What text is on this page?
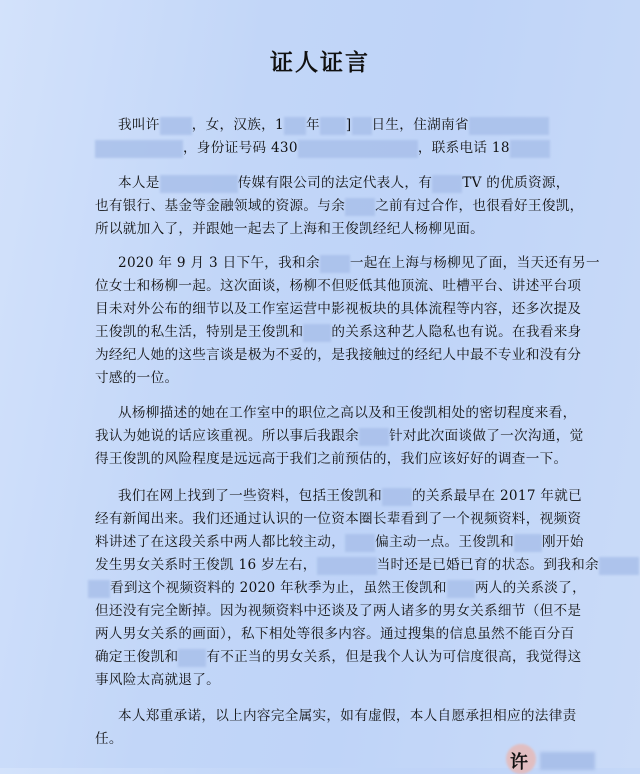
证人证言
我叫许 ，女，汉族，1 年 ] 日生，住湖南省
，身份证号码 430	，联系电话 18
本人是	传媒有限公司的法定代表人，有 TV 的优质资源，
也有银行、基金等金融领域的资源。与余 之前有过合作，也很看好王俊凯，
所以就加入了，并跟她一起去了上海和王俊凯经纪人杨柳见面。
2020 年 9 月 3 日下午，我和余 一起在上海与杨柳见了面，当天还有另一
位女士和杨柳一起。这次面谈，杨柳不但贬低其他顶流、吐槽平台、讲述平台项
目未对外公布的细节以及工作室运营中影视板块的具体流程等内容，还多次提及
王俊凯的私生活，特别是王俊凯和 的关系这种艺人隐私也有说。在我看来身
为经纪人她的这些言谈是极为不妥的，是我接触过的经纪人中最不专业和没有分
寸感的一位。
从杨柳描述的她在工作室中的职位之高以及和王俊凯相处的密切程度来看，
我认为她说的话应该重视。所以事后我跟余 针对此次面谈做了一次沟通，觉
得王俊凯的风险程度是远远高于我们之前预估的，我们应该好好的调查一下。
我们在网上找到了一些资料，包括王俊凯和 的关系最早在 2017 年就已
经有新闻出来。我们还通过认识的一位资本圈长辈看到了一个视频资料，视频资
料讲述了在这段关系中两人都比较主动， 偏主动一点。王俊凯和 刚开始
发生男女关系时王俊凯 16 岁左右，	当时还是已婚已育的状态。到我和余
看到这个视频资料的 2020 年秋季为止，虽然王俊凯和 两人的关系淡了，
但还没有完全断掉。因为视频资料中还谈及了两人诸多的男女关系细节（但不是
两人男女关系的画面），私下相处等很多内容。通过搜集的信息虽然不能百分百
确定王俊凯和 有不正当的男女关系，但是我个人认为可信度很高，我觉得这
事风险太高就退了。
本人郑重承诺，以上内容完全属实，如有虚假，本人自愿承担相应的法律责
任。
许
